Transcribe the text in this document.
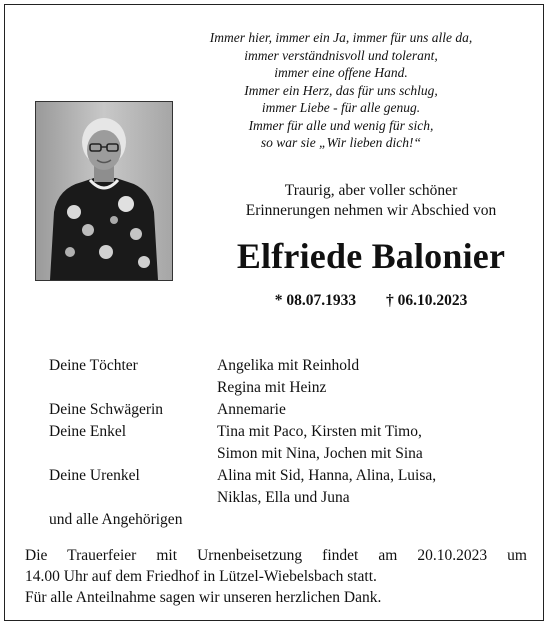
Immer hier, immer ein Ja, immer für uns alle da,
immer verständnisvoll und tolerant,
immer eine offene Hand.
Immer ein Herz, das für uns schlug,
immer Liebe - für alle genug.
Immer für alle und wenig für sich,
so war sie „Wir lieben dich!“
Traurig, aber voller schöner
Erinnerungen nehmen wir Abschied von
Elfriede Balonier
* 08.07.1933 † 06.10.2023
Deine Töchter	Angelika mit Reinhold
Regina mit Heinz
Deine Schwägerin	Annemarie
Deine Enkel	Tina mit Paco, Kirsten mit Timo,
Simon mit Nina, Jochen mit Sina
Deine Urenkel	Alina mit Sid, Hanna, Alina, Luisa,
Niklas, Ella und Juna
und alle Angehörigen
Die Trauerfeier mit Urnenbeisetzung findet am 20.10.2023 um
14.00 Uhr auf dem Friedhof in Lützel-Wiebelsbach statt.
Für alle Anteilnahme sagen wir unseren herzlichen Dank.
